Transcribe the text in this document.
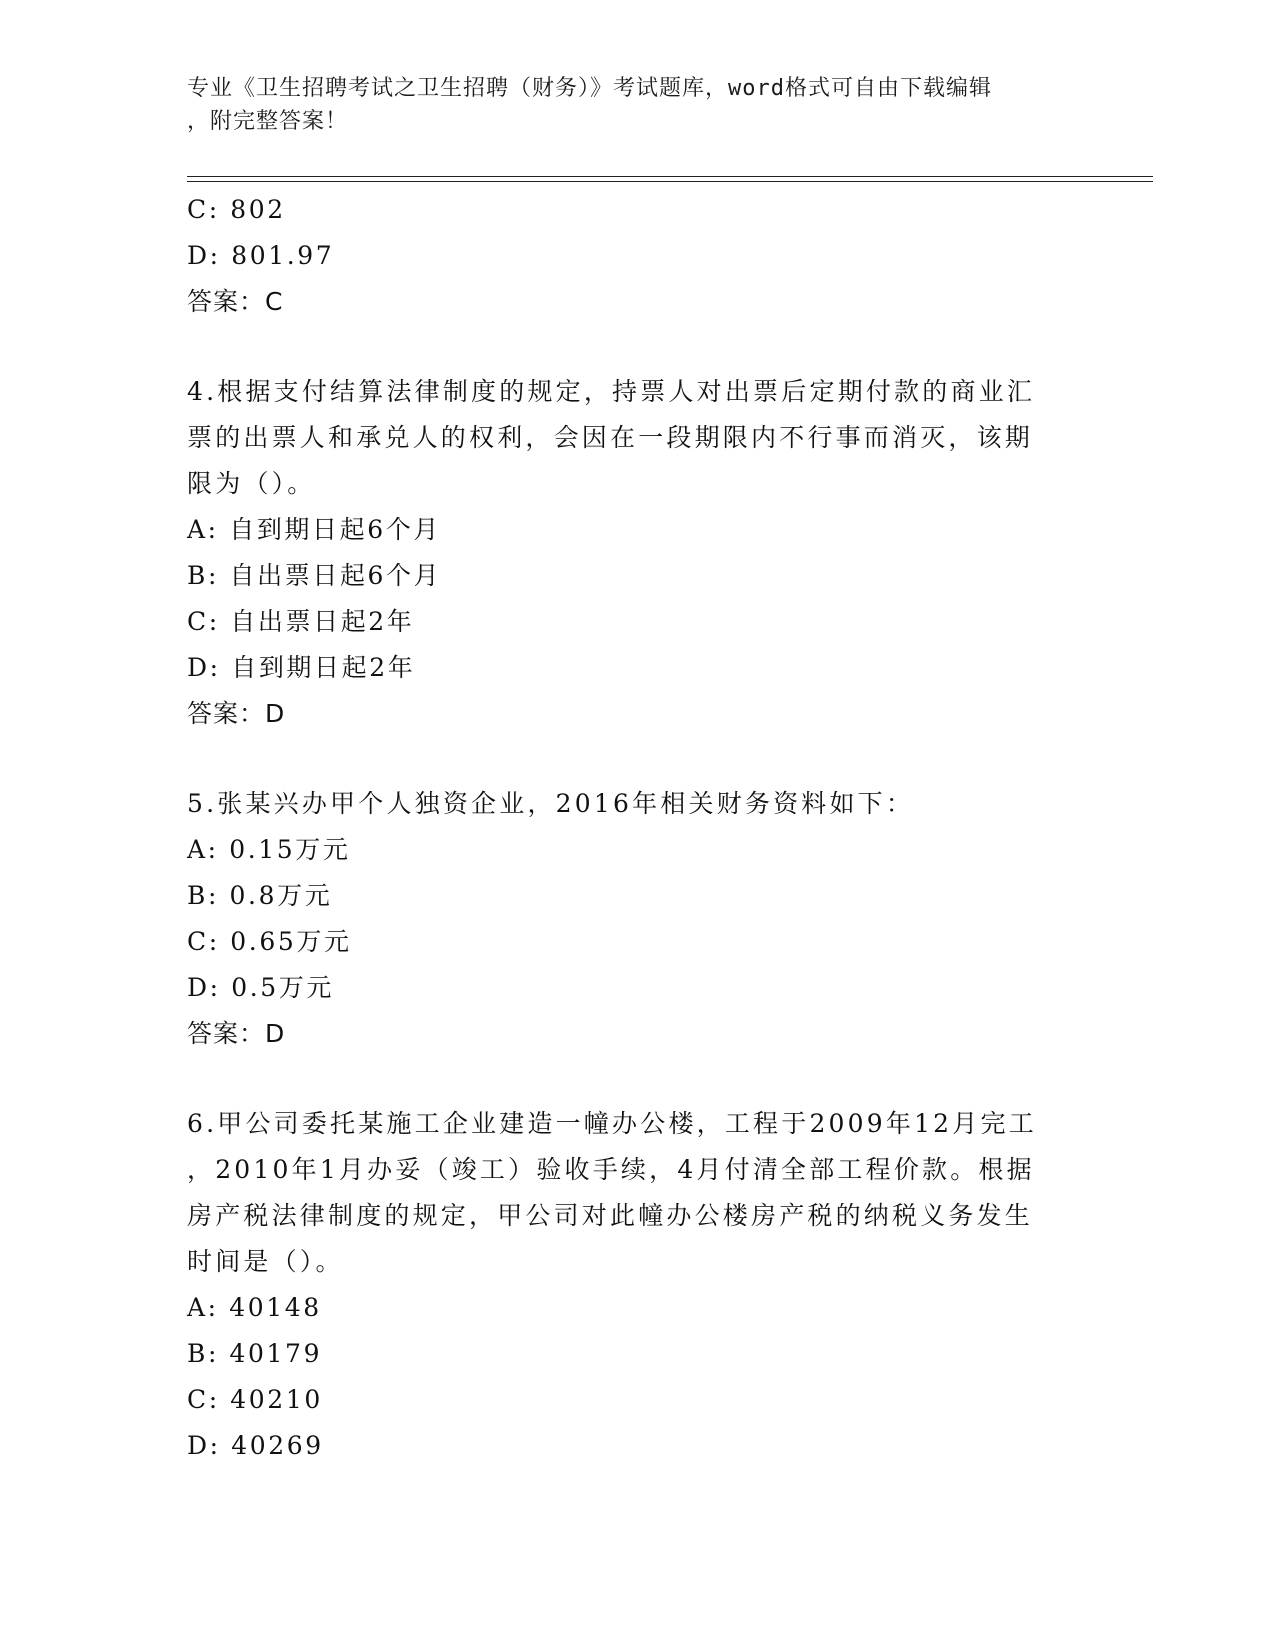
专业《卫生招聘考试之卫生招聘（财务）》考试题库，word格式可自由下载编辑
，附完整答案！
C: 802
D: 801.97
答案：C
4.根据支付结算法律制度的规定，持票人对出票后定期付款的商业汇
票的出票人和承兑人的权利，会因在一段期限内不行事而消灭，该期
限为（）。
A: 自到期日起6个月
B: 自出票日起6个月
C: 自出票日起2年
D: 自到期日起2年
答案：D
5.张某兴办甲个人独资企业，2016年相关财务资料如下：
A: 0.15万元
B: 0.8万元
C: 0.65万元
D: 0.5万元
答案：D
6.甲公司委托某施工企业建造一幢办公楼，工程于2009年12月完工
，2010年1月办妥（竣工）验收手续，4月付清全部工程价款。根据
房产税法律制度的规定，甲公司对此幢办公楼房产税的纳税义务发生
时间是（）。
A: 40148
B: 40179
C: 40210
D: 40269
